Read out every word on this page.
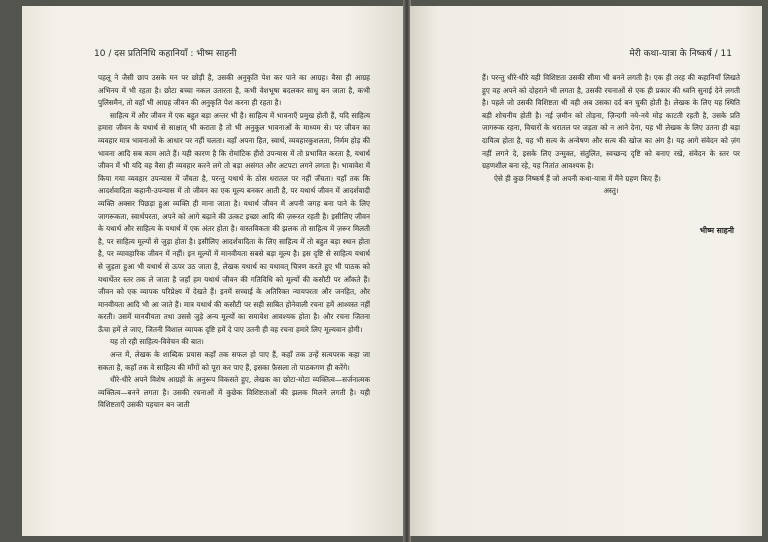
10 / दस प्रतिनिधि कहानियाँ : भीष्म साहनी

पहलू ने जैसी छाप उसके मन पर छोड़ी है, उसकी अनुकृति पेश कर पाने का आग्रह। वैसा ही आग्रह अभिनय में भी रहता है। छोटा बच्चा नकल उतारता है, कभी वेशभूषा बदलकर साधु बन जाता है, कभी पुलिसमैन, तो वहाँ भी आग्रह जीवन की अनुकृति पेश करना ही रहता है।

साहित्य में और जीवन में एक बहुत बड़ा अन्तर भी है। साहित्य में भावनाएँ प्रमुख होती हैं, यदि साहित्य हमारा जीवन के यथार्थ से साक्षात्‌ भी कराता है तो भी अनुकूल भावनाओं के माध्यम से। पर जीवन का व्यवहार मात्र भावनाओं के आधार पर नहीं चलता। वहाँ अपना हित, स्वार्थ, व्यवहारकुशलता, निर्मम होड़ की भावना आदि सब काम आते हैं। यही कारण है कि रोमांटिक हीरो उपन्यास में तो प्रभावित करता है, यथार्थ जीवन में भी यदि वह वैसा ही व्यवहार करने लगे तो बड़ा असंगत और अटपटा लगने लगता है। भावावेश में किया गया व्यवहार उपन्यास में जँचता है, परन्तु यथार्थ के ठोस धरातल पर नहीं जँचता। यहाँ तक कि आदर्शवादिता कहानी-उपन्यास में तो जीवन का एक मूल्य बनकर आती है, पर यथार्थ जीवन में आदर्शवादी व्यक्ति अक्सर पिछड़ा हुआ व्यक्ति ही माना जाता है। यथार्थ जीवन में अपनी जगह बना पाने के लिए जागरूकता, स्वार्थपरता, अपने को आगे बढ़ाने की उत्कट इच्छा आदि की ज़रूरत रहती है। इसीलिए जीवन के यथार्थ और साहित्य के यथार्थ में एक अंतर होता है। वास्तविकता की झलक तो साहित्य में ज़रूर मिलती है, पर साहित्य मूल्यों से जुड़ा होता है। इसीलिए आदर्शवादिता के लिए साहित्य में तो बहुत बड़ा स्थान होता है, पर व्यावहारिक जीवन में नहीं। इन मूल्यों में मानवीयता सबसे बड़ा मूल्य है। इस दृष्टि से साहित्य यथार्थ से जुड़ता हुआ भी यथार्थ से ऊपर उठ जाता है, लेखक यथार्थ का यथावत्‌ चित्रण करते हुए भी पाठक को यथार्थेतर स्तर तक ले जाता है जहाँ हम यथार्थ जीवन की गतिविधि को मूल्यों की कसौटी पर आँकते हैं। जीवन को एक व्यापक परिप्रेक्ष्य में देखते हैं। इनमें सच्चाई के अतिरिक्त न्यायपरता और जनहित, और मानवीयता आदि भी आ जाते हैं। मात्र यथार्थ की कसौटी पर सही साबित होनेवाली रचना हमें आश्वस्त नहीं करती। उसमें मानवीयता तथा उससे जुड़े अन्य मूल्यों का समावेश आवश्यक होता है। और रचना जितना ऊँचा हमें ले जाए, जितनी विशाल व्यापक दृष्टि हमें दे पाए उतनी ही वह रचना हमारे लिए मूल्यवान होगी।

यह तो रही साहित्य-विवेचन की बात।

अन्त में, लेखक के शाब्दिक प्रयास कहाँ तक सफल हो पाए हैं, कहाँ तक उन्हें सत्यपरक कहा जा सकता है, कहाँ तक वे साहित्य की माँगों को पूरा कर पाए हैं, इसका फ़ैसला तो पाठकगण ही करेंगे।

धीरे-धीरे अपने विशेष आग्रहों के अनुरूप विकसते हुए, लेखक का छोटा-मोटा व्यक्तित्व—सर्जनात्मक व्यक्तित्व—बनने लगता है। उसकी रचनाओं में कुछेक विशिष्टताओं की झलक मिलने लगती है। यही विशिष्टताएँ उसकी पहचान बन जाती

मेरी कथा-यात्रा के निष्कर्ष / 11

हैं। परन्तु धीरे-धीरे यही विशिष्टता उसकी सीमा भी बनने लगती है। एक ही तरह की कहानियाँ लिखते हुए वह अपने को दोहराने भी लगता है, उसकी रचनाओं से एक ही प्रकार की ध्वनि सुनाई देने लगती है। पहले जो उसकी विशिष्टता थी वही अब उसका दर्द बन चुकी होती है। लेखक के लिए यह स्थिति बड़ी शोचनीय होती है। नई ज़मीन को तोड़ना, ज़िन्दगी नये-नये मोड़ काटती रहती है, उसके प्रति जागरूक रहना, विचारों के धरातल पर जड़ता को न आने देना, यह भी लेखक के लिए उतना ही बड़ा दायित्व होता है, यह भी सत्य के अन्वेषण और सत्य की खोज का अंग है। यह आगे संवेदन को ज़ंग नहीं लगने दे, इसके लिए उन्मुक्त, संतुलित, स्वच्छन्द दृष्टि को बनाए रखे, संवेदन के स्तर पर ग्रहणशील बना रहे, यह नितांत आवश्यक है।

ऐसे ही कुछ निष्कर्ष हैं जो अपनी कथा-यात्रा में मैंने ग्रहण किए हैं।

अस्तु।

भीष्म साहनी
